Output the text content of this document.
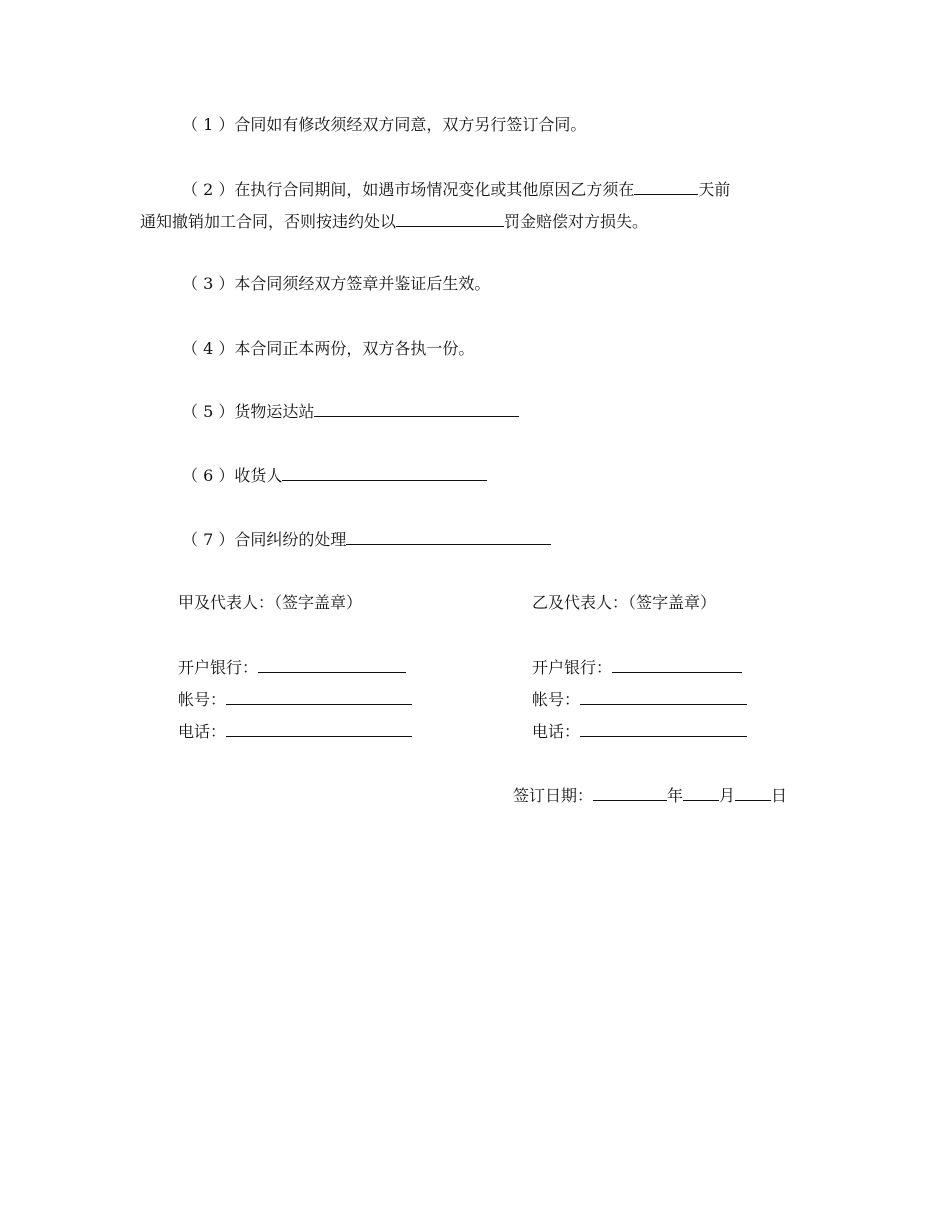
（ 1 ）合同如有修改须经双方同意，双方另行签订合同。
（ 2 ）在执行合同期间，如遇市场情况变化或其他原因乙方须在	天前
通知撤销加工合同，否则按违约处以	罚金赔偿对方损失。
（ 3 ）本合同须经双方签章并鉴证后生效。
（ 4 ）本合同正本两份，双方各执一份。
（ 5 ）货物运达站
（ 6 ）收货人
（ 7 ）合同纠纷的处理
甲及代表人：（签字盖章）
开户银行：
帐号：
电话：
乙及代表人：（签字盖章）
开户银行：
帐号：
电话：
签订日期：	年 月 日
